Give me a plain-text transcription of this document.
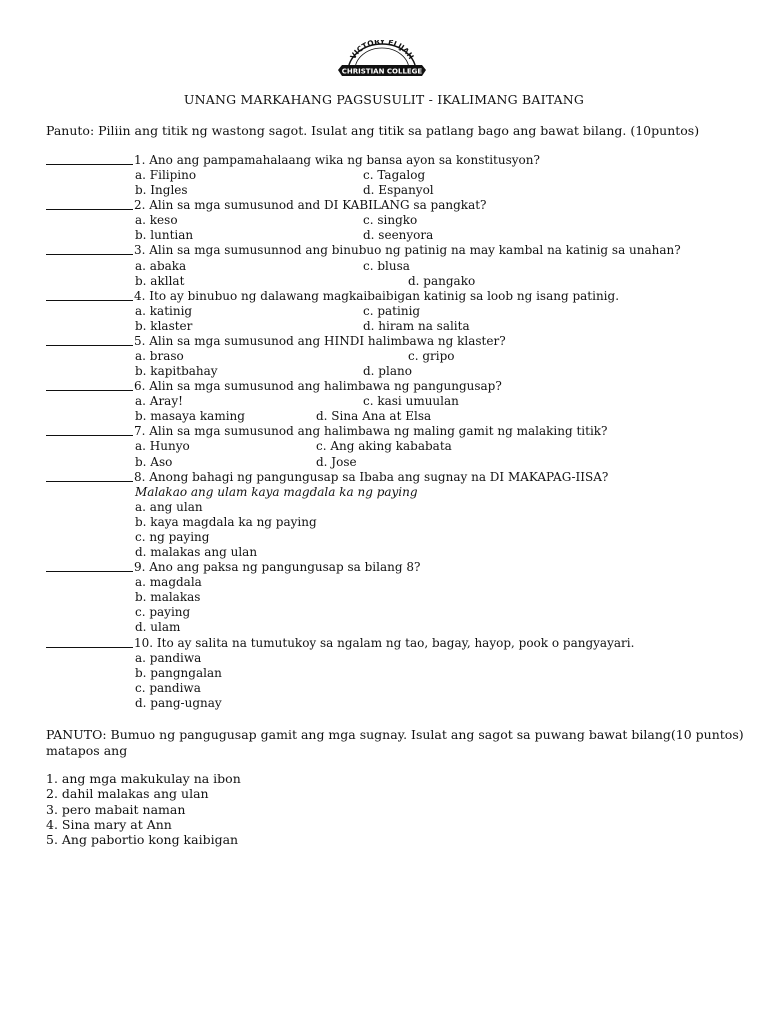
VICTORY ELIJAH
CHRISTIAN COLLEGE
UNANG MARKAHANG PAGSUSULIT - IKALIMANG BAITANG
Panuto: Piliin ang titik ng wastong sagot. Isulat ang titik sa patlang bago ang bawat bilang. (10puntos)
1. Ano ang pampamahalaang wika ng bansa ayon sa konstitusyon?
a. Filipino	c. Tagalog
b. Ingles	d. Espanyol
2. Alin sa mga sumusunod and DI KABILANG sa pangkat?
a. keso	c. singko
b. luntian	d. seenyora
3. Alin sa mga sumusunnod ang binubuo ng patinig na may kambal na katinig sa unahan?
a. abaka	c. blusa
b. akllat	d. pangako
4. Ito ay binubuo ng dalawang magkaibaibigan katinig sa loob ng isang patinig.
a. katinig	c. patinig
b. klaster	d. hiram na salita
5. Alin sa mga sumusunod ang HINDI halimbawa ng klaster?
a. braso	c. gripo
b. kapitbahay	d. plano
6. Alin sa mga sumusunod ang halimbawa ng pangungusap?
a. Aray!	c. kasi umuulan
b. masaya kaming	d. Sina Ana at Elsa
7. Alin sa mga sumusunod ang halimbawa ng maling gamit ng malaking titik?
a. Hunyo	c. Ang aking kababata
b. Aso	d. Jose
8. Anong bahagi ng pangungusap sa Ibaba ang sugnay na DI MAKAPAG-IISA?
Malakao ang ulam kaya magdala ka ng paying
a. ang ulan
b. kaya magdala ka ng paying
c. ng paying
d. malakas ang ulan
9. Ano ang paksa ng pangungusap sa bilang 8?
a. magdala
b. malakas
c. paying
d. ulam
10. Ito ay salita na tumutukoy sa ngalam ng tao, bagay, hayop, pook o pangyayari.
a. pandiwa
b. pangngalan
c. pandiwa
d. pang-ugnay
PANUTO: Bumuo ng pangugusap gamit ang mga sugnay. Isulat ang sagot sa puwang bawat bilang(10 puntos) matapos ang
1. ang mga makukulay na ibon
2. dahil malakas ang ulan
3. pero mabait naman
4. Sina mary at Ann
5. Ang pabortio kong kaibigan
